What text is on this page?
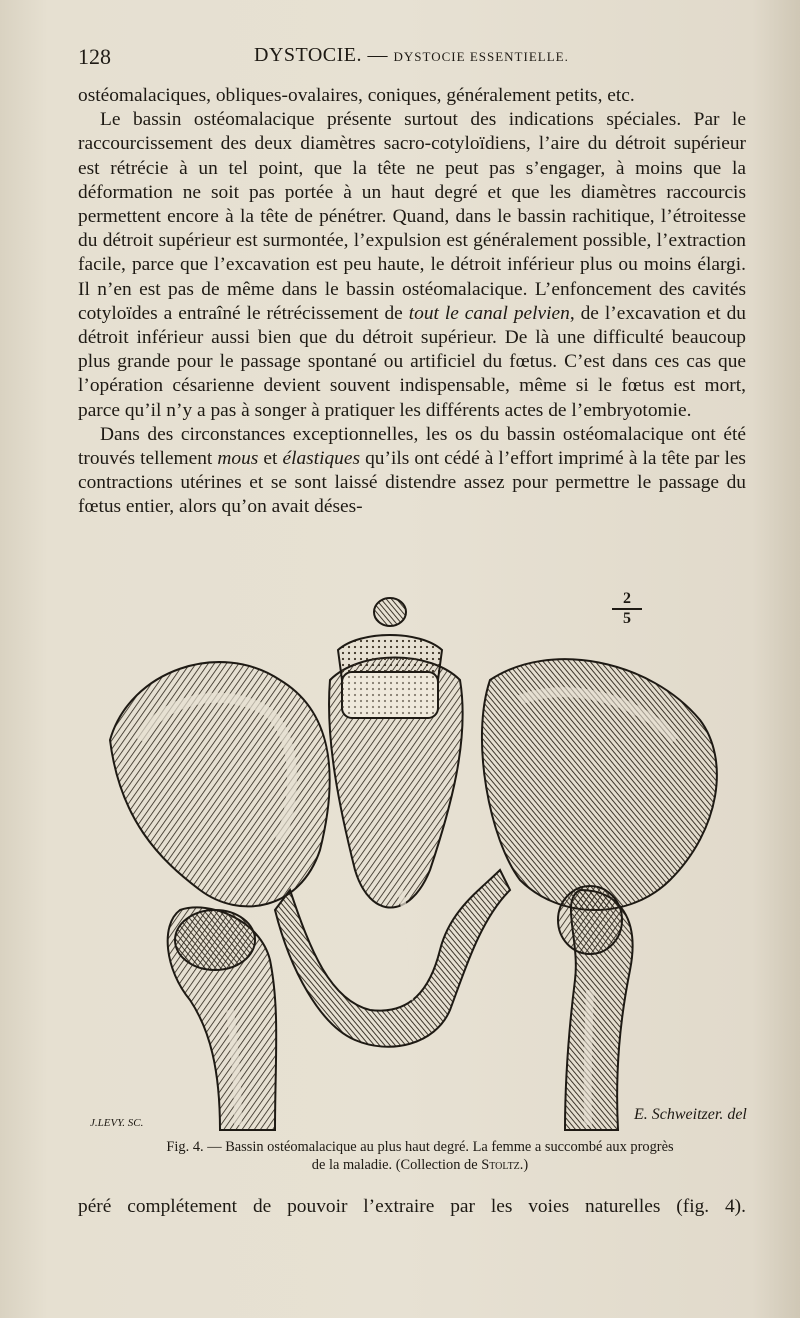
128	DYSTOCIE. — DYSTOCIE ESSENTIELLE.

ostéomalaciques, obliques-ovalaires, coniques, généralement petits, etc.

Le bassin ostéomalacique présente surtout des indications spéciales. Par le raccourcissement des deux diamètres sacro-cotyloïdiens, l’aire du détroit supérieur est rétrécie à un tel point, que la tête ne peut pas s’engager, à moins que la déformation ne soit pas portée à un haut degré et que les diamètres raccourcis permettent encore à la tête de pénétrer. Quand, dans le bassin rachitique, l’étroitesse du détroit supérieur est surmontée, l’expulsion est généralement possible, l’extraction facile, parce que l’excavation est peu haute, le détroit inférieur plus ou moins élargi. Il n’en est pas de même dans le bassin ostéomalacique. L’enfoncement des cavités cotyloïdes a entraîné le rétrécissement de tout le canal pelvien, de l’excavation et du détroit inférieur aussi bien que du détroit supérieur. De là une difficulté beaucoup plus grande pour le passage spontané ou artificiel du fœtus. C’est dans ces cas que l’opération césarienne devient souvent indispensable, même si le fœtus est mort, parce qu’il n’y a pas à songer à pratiquer les différents actes de l’embryotomie.

Dans des circonstances exceptionnelles, les os du bassin ostéomalacique ont été trouvés tellement mous et élastiques qu’ils ont cédé à l’effort imprimé à la tête par les contractions utérines et se sont laissé distendre assez pour permettre le passage du fœtus entier, alors qu’on avait déses-

$\frac{2}{5}$
J.LEVY. SC.	E. Schweitzer. del
Fig. 4. — Bassin ostéomalacique au plus haut degré. La femme a succombé aux progrès
de la maladie. (Collection de Stoltz.)
péré complétement de pouvoir l’extraire par les voies naturelles (fig. 4).
